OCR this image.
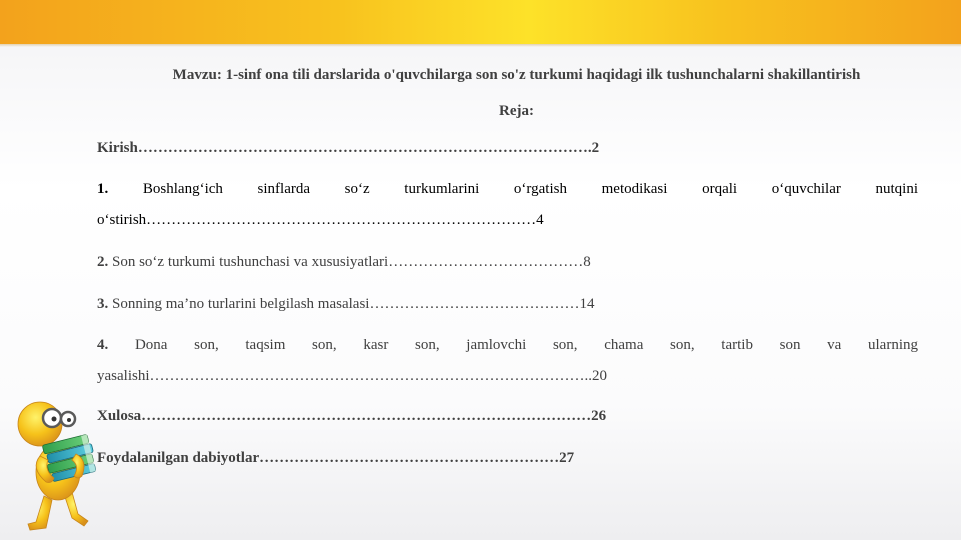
Mavzu: 1-sinf ona tili darslarida o'quvchilarga son so'z turkumi haqidagi ilk tushunchalarni shakillantirish

Reja:

Kirish……………………………………………………………………………….2

1. Boshlang‘ich sinflarda so‘z turkumlarini o‘rgatish metodikasi orqali o‘quvchilar nutqini o‘stirish……………………………………………………………………4

2. Son so‘z turkumi tushunchasi va xususiyatlari…………………………………8

3. Sonning ma’no turlarini belgilash masalasi……………………………………14

4. Dona son, taqsim son, kasr son, jamlovchi son, chama son, tartib son va ularning yasalishi……………………………………………………………………………..20

Xulosa………………………………………………………………………………26

Foydalanilgan dabiyotlar……………………………………………………27
